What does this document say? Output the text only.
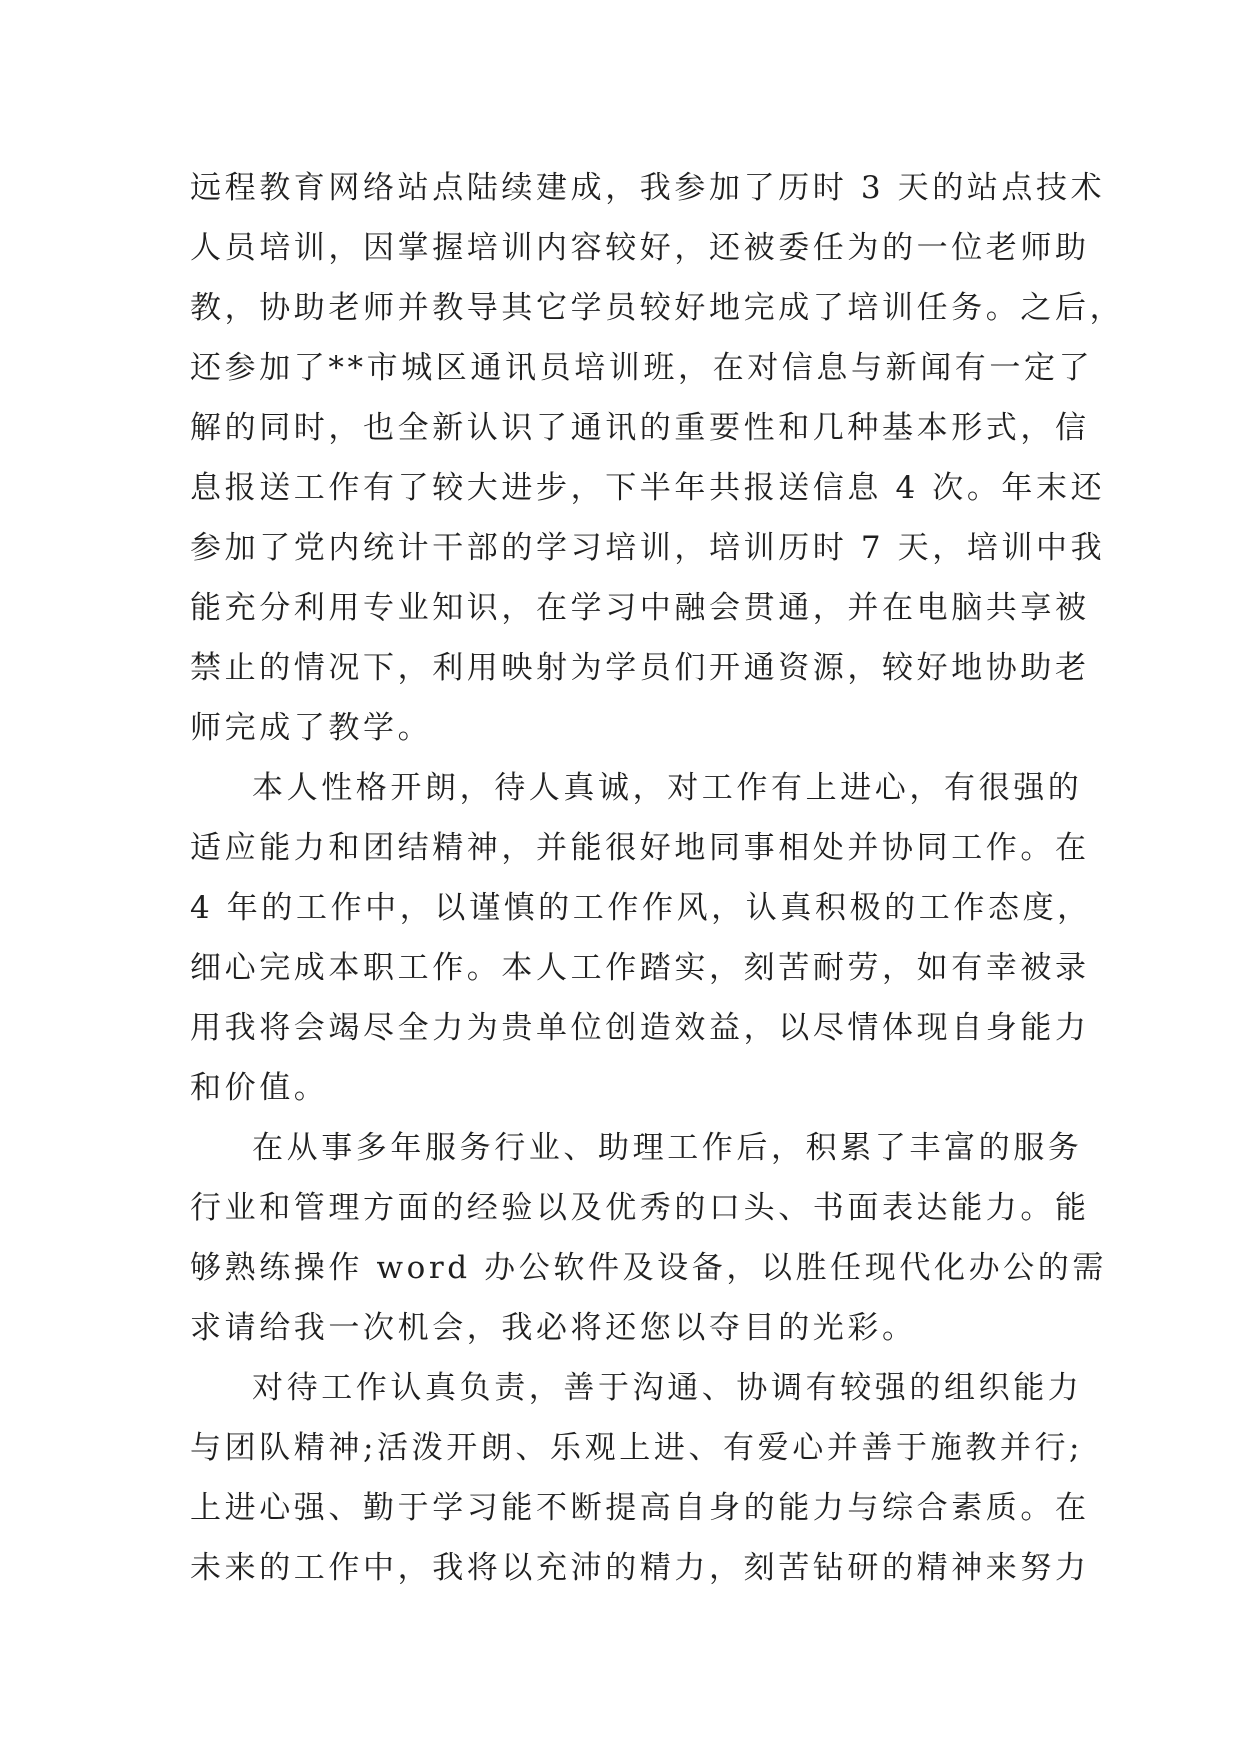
远程教育网络站点陆续建成，我参加了历时 3 天的站点技术
人员培训，因掌握培训内容较好，还被委任为的一位老师助
教，协助老师并教导其它学员较好地完成了培训任务。之后，
还参加了**市城区通讯员培训班，在对信息与新闻有一定了
解的同时，也全新认识了通讯的重要性和几种基本形式，信
息报送工作有了较大进步，下半年共报送信息 4 次。年末还
参加了党内统计干部的学习培训，培训历时 7 天，培训中我
能充分利用专业知识，在学习中融会贯通，并在电脑共享被
禁止的情况下，利用映射为学员们开通资源，较好地协助老
师完成了教学。
本人性格开朗，待人真诚，对工作有上进心，有很强的
适应能力和团结精神，并能很好地同事相处并协同工作。在
4 年的工作中，以谨慎的工作作风，认真积极的工作态度，
细心完成本职工作。本人工作踏实，刻苦耐劳，如有幸被录
用我将会竭尽全力为贵单位创造效益，以尽情体现自身能力
和价值。
在从事多年服务行业、助理工作后，积累了丰富的服务
行业和管理方面的经验以及优秀的口头、书面表达能力。能
够熟练操作 word 办公软件及设备，以胜任现代化办公的需
求请给我一次机会，我必将还您以夺目的光彩。
对待工作认真负责，善于沟通、协调有较强的组织能力
与团队精神;活泼开朗、乐观上进、有爱心并善于施教并行;
上进心强、勤于学习能不断提高自身的能力与综合素质。在
未来的工作中，我将以充沛的精力，刻苦钻研的精神来努力
